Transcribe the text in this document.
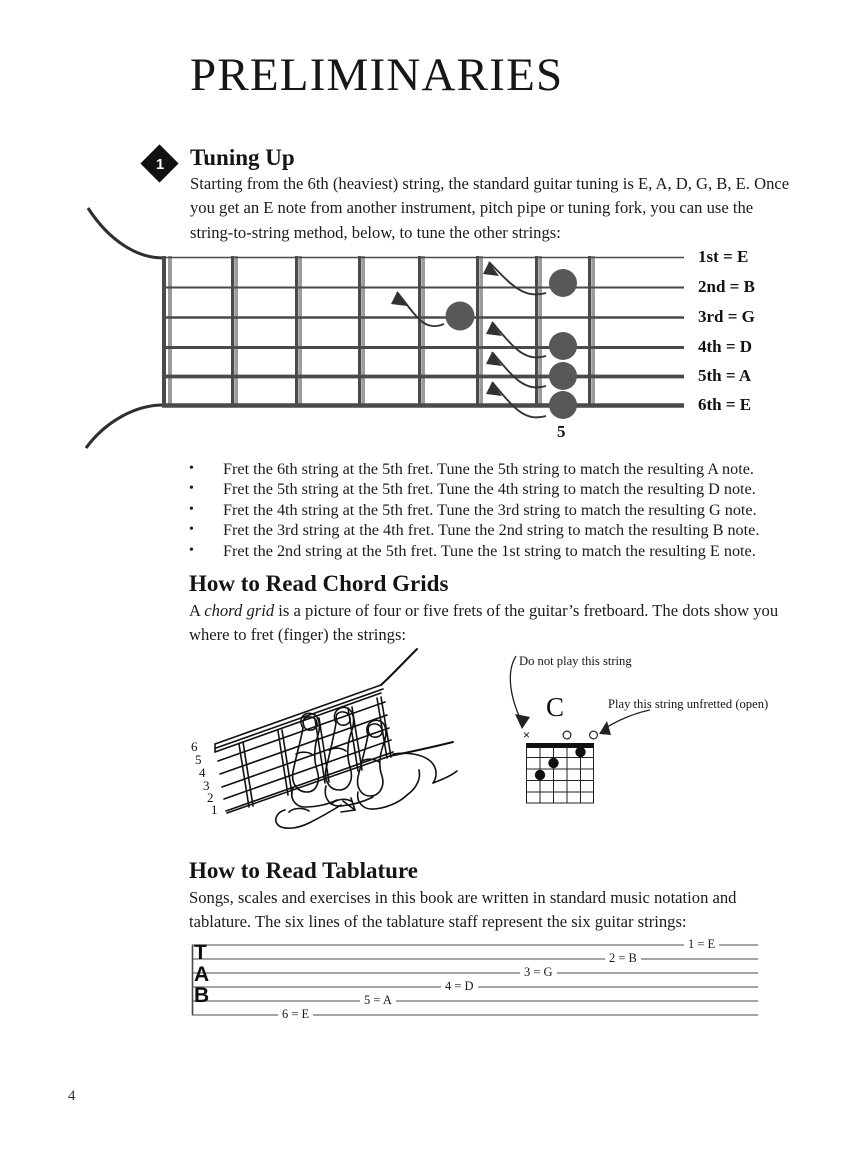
PRELIMINARIES
1	Tuning Up
Starting from the 6th (heaviest) string, the standard guitar tuning is E, A, D, G, B, E. Once you get an E note from another instrument, pitch pipe or tuning fork, you can use the string-to-string method, below, to tune the other strings:
1st = E
2nd = B
3rd = G
4th = D
5th = A
6th = E
5
• Fret the 6th string at the 5th fret. Tune the 5th string to match the resulting A note.
• Fret the 5th string at the 5th fret. Tune the 4th string to match the resulting D note.
• Fret the 4th string at the 5th fret. Tune the 3rd string to match the resulting G note.
• Fret the 3rd string at the 4th fret. Tune the 2nd string to match the resulting B note.
• Fret the 2nd string at the 5th fret. Tune the 1st string to match the resulting E note.
How to Read Chord Grids
A chord grid is a picture of four or five frets of the guitar’s fretboard. The dots show you where to fret (finger) the strings:
6
5
4
3
2
1
Do not play this string
Play this string unfretted (open)
C
×
How to Read Tablature
Songs, scales and exercises in this book are written in standard music notation and tablature. The six lines of the tablature staff represent the six guitar strings:
T
A
B
1 = E
2 = B
3 = G
4 = D
5 = A
6 = E
4
